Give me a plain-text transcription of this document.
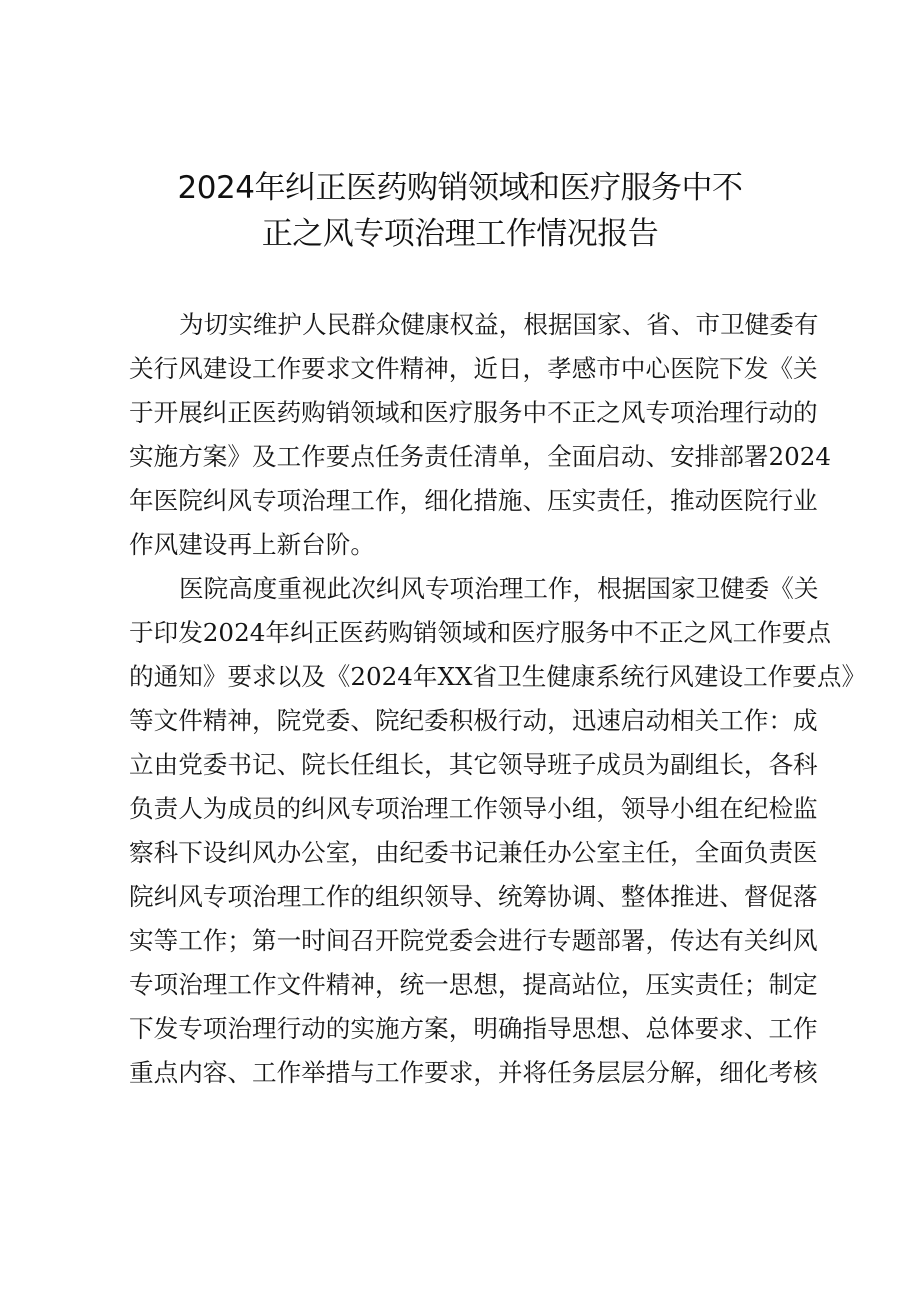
2024年纠正医药购销领域和医疗服务中不
正之风专项治理工作情况报告
为切实维护人民群众健康权益，根据国家、省、市卫健委有
关行风建设工作要求文件精神，近日，孝感市中心医院下发《关
于开展纠正医药购销领域和医疗服务中不正之风专项治理行动的
实施方案》及工作要点任务责任清单，全面启动、安排部署2024
年医院纠风专项治理工作，细化措施、压实责任，推动医院行业
作风建设再上新台阶。
医院高度重视此次纠风专项治理工作，根据国家卫健委《关
于印发2024年纠正医药购销领域和医疗服务中不正之风工作要点
的通知》要求以及《2024年XX省卫生健康系统行风建设工作要点》
等文件精神，院党委、院纪委积极行动，迅速启动相关工作：成
立由党委书记、院长任组长，其它领导班子成员为副组长，各科
负责人为成员的纠风专项治理工作领导小组，领导小组在纪检监
察科下设纠风办公室，由纪委书记兼任办公室主任，全面负责医
院纠风专项治理工作的组织领导、统筹协调、整体推进、督促落
实等工作；第一时间召开院党委会进行专题部署，传达有关纠风
专项治理工作文件精神，统一思想，提高站位，压实责任；制定
下发专项治理行动的实施方案，明确指导思想、总体要求、工作
重点内容、工作举措与工作要求，并将任务层层分解，细化考核
